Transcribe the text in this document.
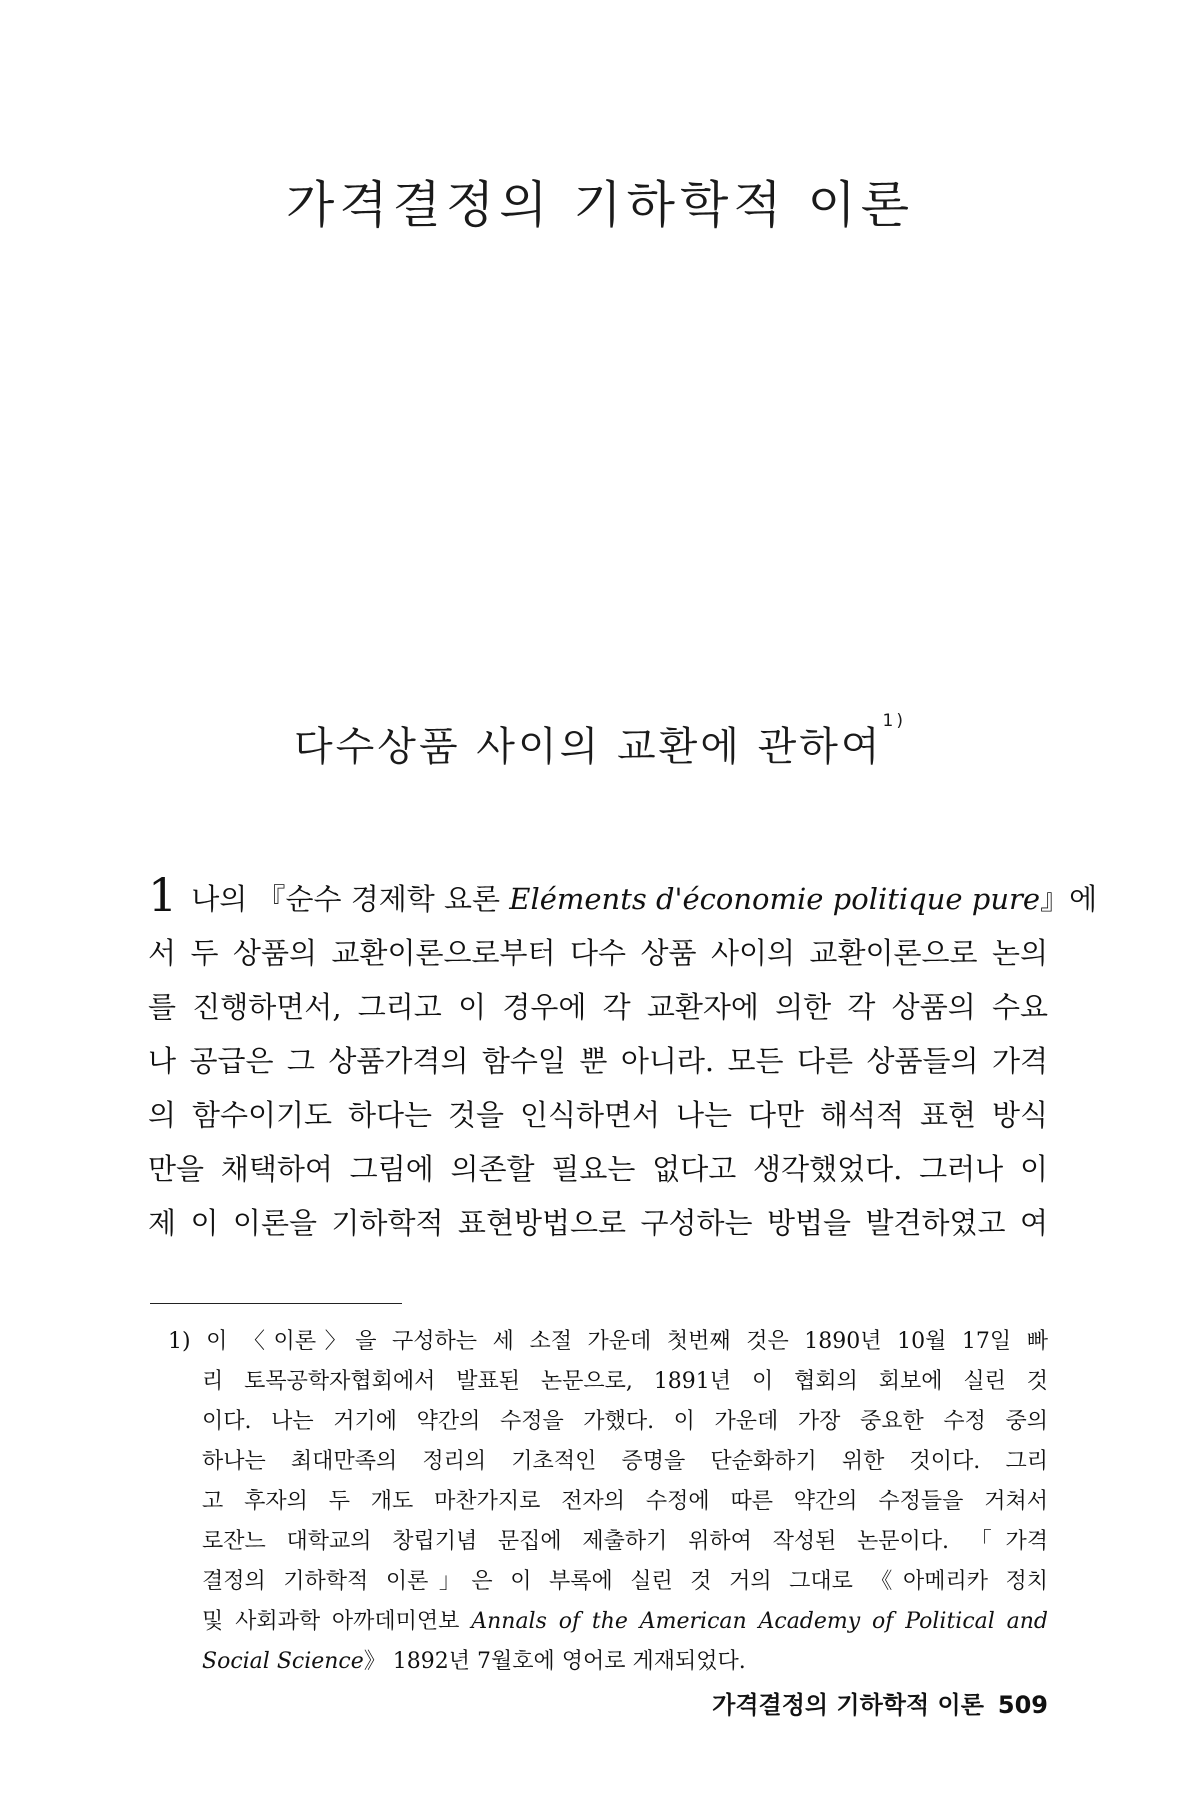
가격결정의 기하학적 이론
다수상품 사이의 교환에 관하여$^{1)}$
1 나의 『순수 경제학 요론 Eléments d'économie politique pure』에
서 두 상품의 교환이론으로부터 다수 상품 사이의 교환이론으로 논의
를 진행하면서, 그리고 이 경우에 각 교환자에 의한 각 상품의 수요
나 공급은 그 상품가격의 함수일 뿐 아니라. 모든 다른 상품들의 가격
의 함수이기도 하다는 것을 인식하면서 나는 다만 해석적 표현 방식
만을 채택하여 그림에 의존할 필요는 없다고 생각했었다. 그러나 이
제 이 이론을 기하학적 표현방법으로 구성하는 방법을 발견하였고 여
1) 이 〈이론〉을 구성하는 세 소절 가운데 첫번째 것은 1890년 10월 17일 빠
리 토목공학자협회에서 발표된 논문으로, 1891년 이 협회의 회보에 실린 것
이다. 나는 거기에 약간의 수정을 가했다. 이 가운데 가장 중요한 수정 중의
하나는 최대만족의 정리의 기초적인 증명을 단순화하기 위한 것이다. 그리
고 후자의 두 개도 마찬가지로 전자의 수정에 따른 약간의 수정들을 거쳐서
로잔느 대학교의 창립기념 문집에 제출하기 위하여 작성된 논문이다. 「가격
결정의 기하학적 이론」은 이 부록에 실린 것 거의 그대로 《아메리카 정치
및 사회과학 아까데미연보 Annals of the American Academy of Political and
Social Science》 1892년 7월호에 영어로 게재되었다.
가격결정의 기하학적 이론 509
